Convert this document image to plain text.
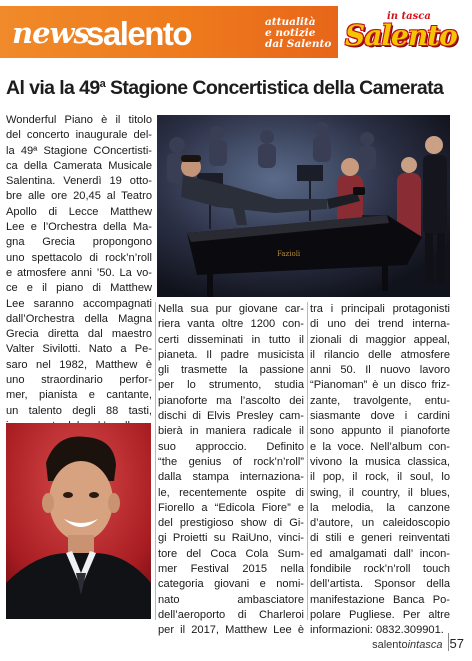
news
salento	attualità
e notizie
dal Salento
in tasca
Salento
Al via la 49$^a$ Stagione Concertistica della Camerata
Fazioli
Wonderful Piano è il titolo
del concerto inaugurale del-
la 49ª Stagione COncertisti-
ca della Camerata Musicale
Salentina. Venerdì 19 otto-
bre alle ore 20,45 al Teatro
Apollo di Lecce Matthew
Lee e l’Orchestra della Ma-
gna Grecia propongono
uno spettacolo di rock’n’roll
e atmosfere anni ’50. La vo-
ce e il piano di Matthew
Lee saranno accompagnati
dall’Orchestra della Magna
Grecia diretta dal maestro
Valter Sivilotti. Nato a Pe-
saro nel 1982, Matthew è
uno straordinario perfor-
mer, pianista e cantante,
un talento degli 88 tasti,
Nella sua pur giovane car-
riera vanta oltre 1200 con-
certi disseminati in tutto il
pianeta. Il padre musicista
gli trasmette la passione
per lo strumento, studia
pianoforte ma l’ascolto dei
dischi di Elvis Presley cam-
bierà in maniera radicale il
suo approccio. Definito
“the genius of rock’n’roll”
dalla stampa internaziona-
le, recentemente ospite di
Fiorello a “Edicola Fiore” e
del prestigioso show di Gi-
gi Proietti su RaiUno, vinci-
tore del Coca Cola Sum-
mer Festival 2015 nella
categoria giovani e nomi-
nato ambasciatore
dell’aeroporto di Charleroi
per il 2017, Matthew Lee è
tra i principali protagonisti
di uno dei trend interna-
zionali di maggior appeal,
il rilancio delle atmosfere
anni 50. Il nuovo lavoro
“Pianoman” è un disco friz-
zante, travolgente, entu-
siasmante dove i cardini
sono appunto il pianoforte
e la voce. Nell’album con-
vivono la musica classica,
il pop, il rock, il soul, lo
swing, il country, il blues,
la melodia, la canzone
d’autore, un caleidoscopio
di stili e generi reinventati
ed amalgamati dall’ incon-
fondibile rock’n’roll touch
dell’artista. Sponsor della
manifestazione Banca Po-
polare Pugliese. Per altre
informazioni: 0832.309901.
salentointasca 57
